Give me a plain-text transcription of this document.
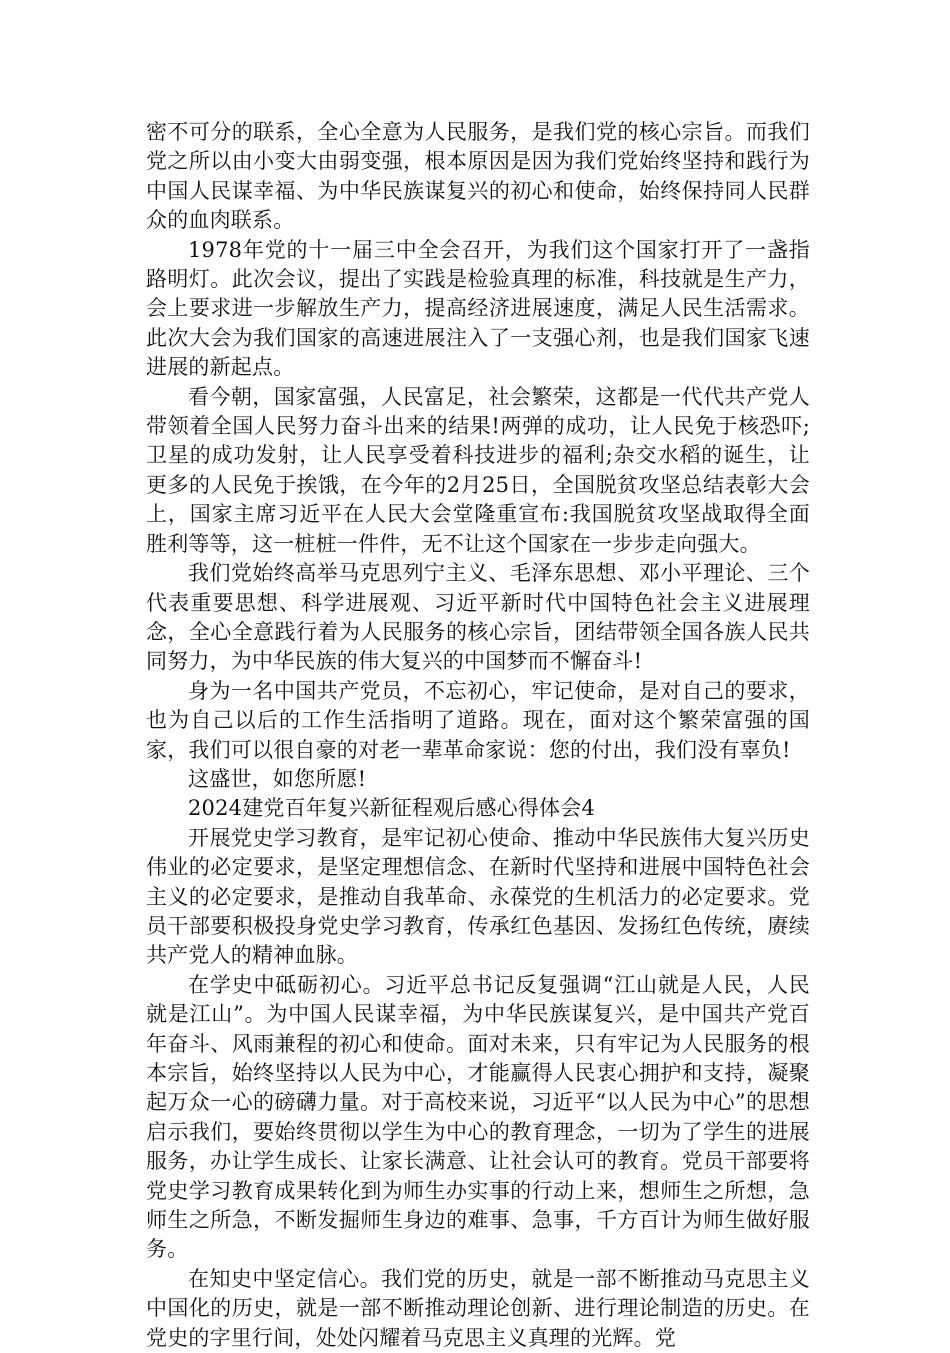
密不可分的联系，全心全意为人民服务，是我们党的核心宗旨。而我们党之所以由小变大由弱变强，根本原因是因为我们党始终坚持和践行为中国人民谋幸福、为中华民族谋复兴的初心和使命，始终保持同人民群众的血肉联系。

1978年党的十一届三中全会召开，为我们这个国家打开了一盏指路明灯。此次会议，提出了实践是检验真理的标准，科技就是生产力，会上要求进一步解放生产力，提高经济进展速度，满足人民生活需求。此次大会为我们国家的高速进展注入了一支强心剂，也是我们国家飞速进展的新起点。

看今朝，国家富强，人民富足，社会繁荣，这都是一代代共产党人带领着全国人民努力奋斗出来的结果!两弹的成功，让人民免于核恐吓;卫星的成功发射，让人民享受着科技进步的福利;杂交水稻的诞生，让更多的人民免于挨饿，在今年的2月25日，全国脱贫攻坚总结表彰大会上，国家主席习近平在人民大会堂隆重宣布:我国脱贫攻坚战取得全面胜利等等，这一桩桩一件件，无不让这个国家在一步步走向强大。

我们党始终高举马克思列宁主义、毛泽东思想、邓小平理论、三个代表重要思想、科学进展观、习近平新时代中国特色社会主义进展理念，全心全意践行着为人民服务的核心宗旨，团结带领全国各族人民共同努力，为中华民族的伟大复兴的中国梦而不懈奋斗!

身为一名中国共产党员，不忘初心，牢记使命，是对自己的要求，也为自己以后的工作生活指明了道路。现在，面对这个繁荣富强的国家，我们可以很自豪的对老一辈革命家说：您的付出，我们没有辜负!

这盛世，如您所愿!

2024建党百年复兴新征程观后感心得体会4

开展党史学习教育，是牢记初心使命、推动中华民族伟大复兴历史伟业的必定要求，是坚定理想信念、在新时代坚持和进展中国特色社会主义的必定要求，是推动自我革命、永葆党的生机活力的必定要求。党员干部要积极投身党史学习教育，传承红色基因、发扬红色传统，赓续共产党人的精神血脉。

在学史中砥砺初心。习近平总书记反复强调“江山就是人民，人民就是江山”。为中国人民谋幸福，为中华民族谋复兴，是中国共产党百年奋斗、风雨兼程的初心和使命。面对未来，只有牢记为人民服务的根本宗旨，始终坚持以人民为中心，才能赢得人民衷心拥护和支持，凝聚起万众一心的磅礴力量。对于高校来说，习近平“以人民为中心”的思想启示我们，要始终贯彻以学生为中心的教育理念，一切为了学生的进展服务，办让学生成长、让家长满意、让社会认可的教育。党员干部要将党史学习教育成果转化到为师生办实事的行动上来，想师生之所想，急师生之所急，不断发掘师生身边的难事、急事，千方百计为师生做好服务。

在知史中坚定信心。我们党的历史，就是一部不断推动马克思主义中国化的历史，就是一部不断推动理论创新、进行理论制造的历史。在党史的字里行间，处处闪耀着马克思主义真理的光辉。党
